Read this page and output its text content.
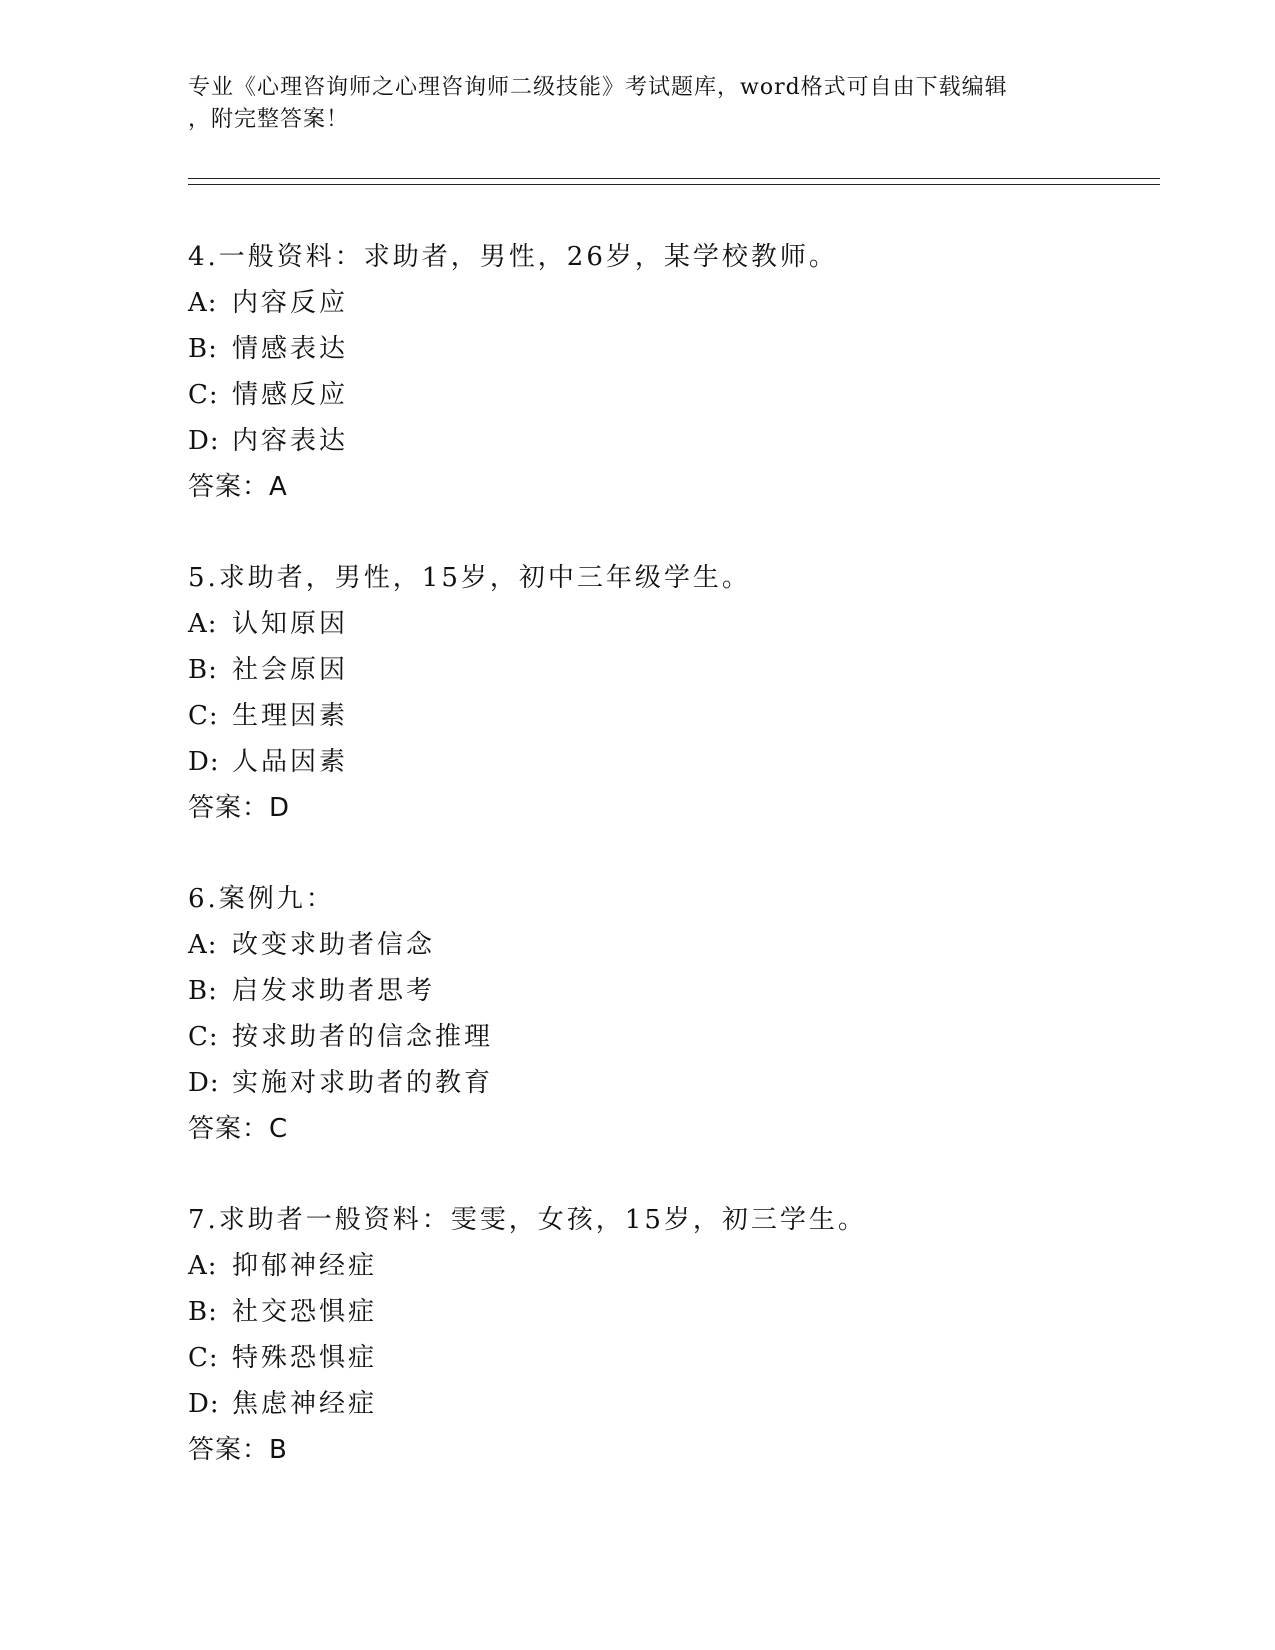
专业《心理咨询师之心理咨询师二级技能》考试题库，word格式可自由下载编辑
，附完整答案！
4.一般资料：求助者，男性，26岁，某学校教师。
A: 内容反应
B: 情感表达
C: 情感反应
D: 内容表达
答案：A
5.求助者，男性，15岁，初中三年级学生。
A: 认知原因
B: 社会原因
C: 生理因素
D: 人品因素
答案：D
6.案例九：
A: 改变求助者信念
B: 启发求助者思考
C: 按求助者的信念推理
D: 实施对求助者的教育
答案：C
7.求助者一般资料：雯雯，女孩，15岁，初三学生。
A: 抑郁神经症
B: 社交恐惧症
C: 特殊恐惧症
D: 焦虑神经症
答案：B
